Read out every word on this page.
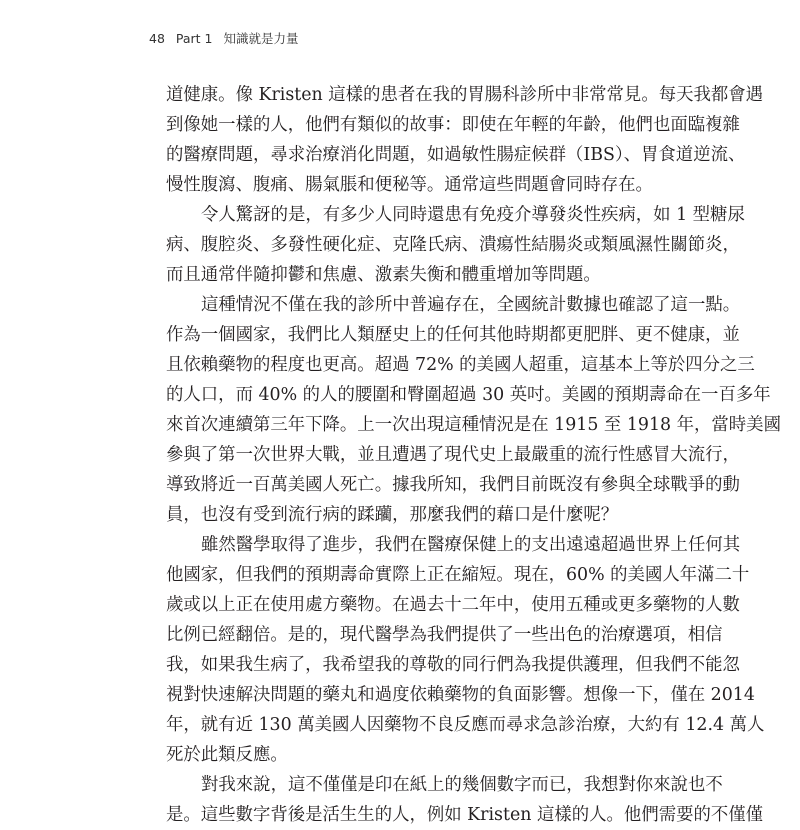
48 Part 1 知識就是力量
道健康。像 Kristen 這樣的患者在我的胃腸科診所中非常常見。每天我都會遇
到像她一樣的人，他們有類似的故事：即使在年輕的年齡，他們也面臨複雜
的醫療問題，尋求治療消化問題，如過敏性腸症候群（IBS）、胃食道逆流、
慢性腹瀉、腹痛、腸氣脹和便秘等。通常這些問題會同時存在。
令人驚訝的是，有多少人同時還患有免疫介導發炎性疾病，如 1 型糖尿
病、腹腔炎、多發性硬化症、克隆氏病、潰瘍性結腸炎或類風濕性關節炎，
而且通常伴隨抑鬱和焦慮、激素失衡和體重增加等問題。
這種情況不僅在我的診所中普遍存在，全國統計數據也確認了這一點。
作為一個國家，我們比人類歷史上的任何其他時期都更肥胖、更不健康，並
且依賴藥物的程度也更高。超過 72% 的美國人超重，這基本上等於四分之三
的人口，而 40% 的人的腰圍和臀圍超過 30 英吋。美國的預期壽命在一百多年
來首次連續第三年下降。上一次出現這種情況是在 1915 至 1918 年，當時美國
參與了第一次世界大戰，並且遭遇了現代史上最嚴重的流行性感冒大流行，
導致將近一百萬美國人死亡。據我所知，我們目前既沒有參與全球戰爭的動
員，也沒有受到流行病的蹂躪，那麼我們的藉口是什麼呢？
雖然醫學取得了進步，我們在醫療保健上的支出遠遠超過世界上任何其
他國家，但我們的預期壽命實際上正在縮短。現在，60% 的美國人年滿二十
歲或以上正在使用處方藥物。在過去十二年中，使用五種或更多藥物的人數
比例已經翻倍。是的，現代醫學為我們提供了一些出色的治療選項，相信
我，如果我生病了，我希望我的尊敬的同行們為我提供護理，但我們不能忽
視對快速解決問題的藥丸和過度依賴藥物的負面影響。想像一下，僅在 2014
年，就有近 130 萬美國人因藥物不良反應而尋求急診治療，大約有 12.4 萬人
死於此類反應。
對我來說，這不僅僅是印在紙上的幾個數字而已，我想對你來說也不
是。這些數字背後是活生生的人，例如 Kristen 這樣的人。他們需要的不僅僅
